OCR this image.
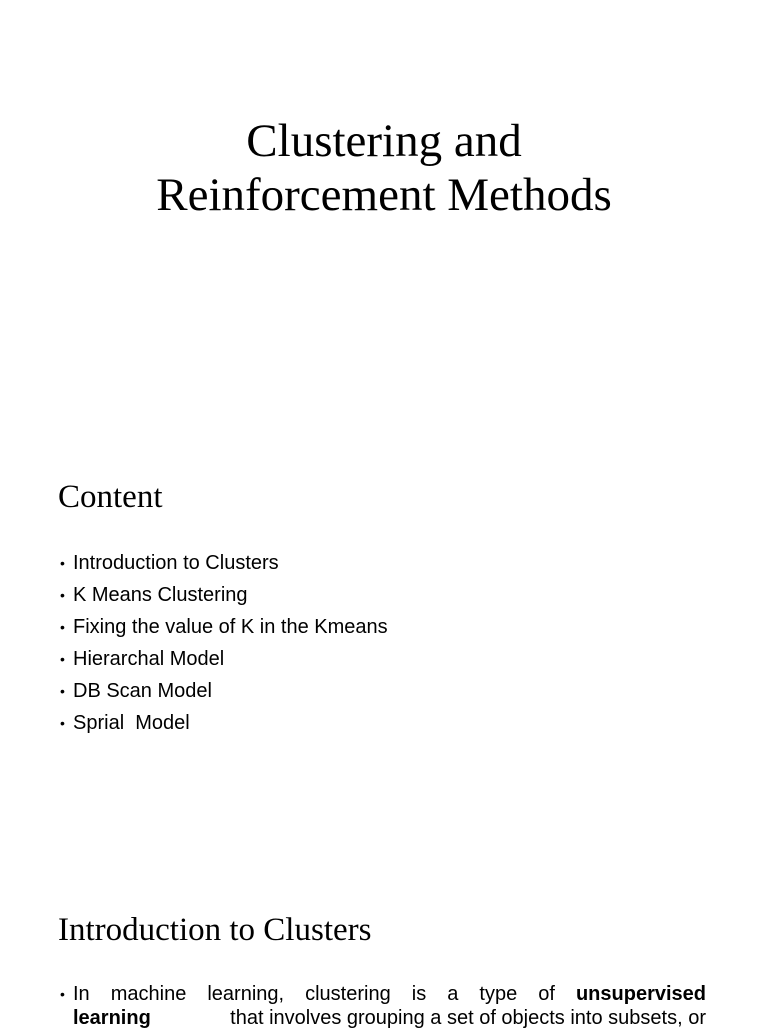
Clustering and
Reinforcement Methods
Content
• Introduction to Clusters
• K Means Clustering
• Fixing the value of K in the Kmeans
• Hierarchal Model
• DB Scan Model
• Sprial  Model
Introduction to Clusters
• In machine learning, clustering is a type of unsupervised
learning	that involves grouping a set of objects into subsets, or
